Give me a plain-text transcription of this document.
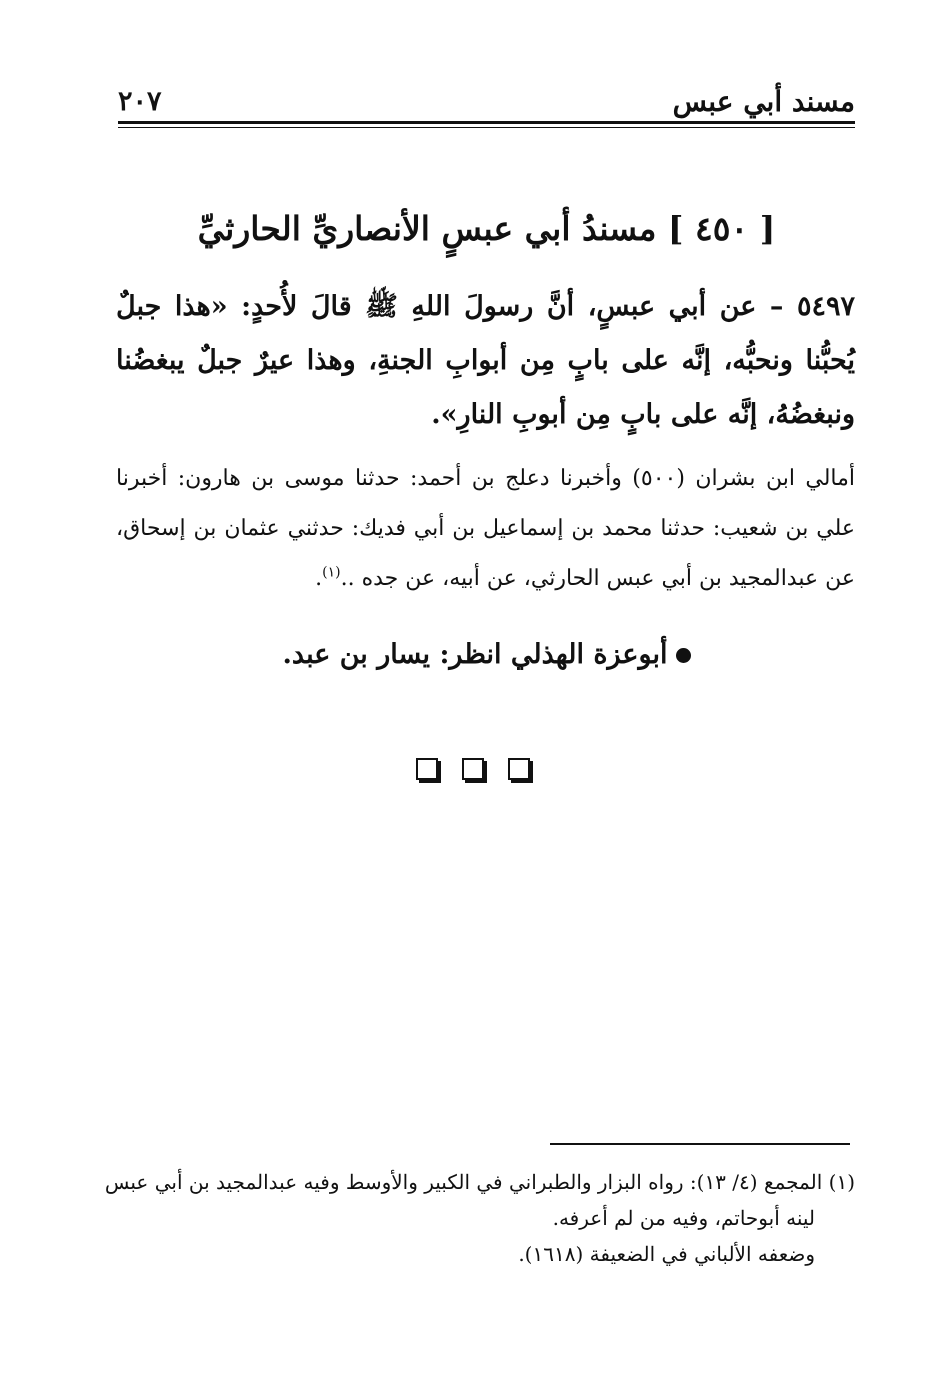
مسند أبي عبس
٢٠٧
[ ٤٥٠ ] مسندُ أبي عبسٍ الأنصاريِّ الحارثيِّ
٥٤٩٧ – عن أبي عبسٍ، أنَّ رسولَ اللهِ ﷺ قالَ لأُحدٍ: «هذا جبلٌ يُحبُّنا ونحبُّه، إنَّه على بابٍ مِن أبوابِ الجنةِ، وهذا عيرٌ جبلٌ يبغضُنا ونبغضُهُ، إنَّه على بابٍ مِن أبوبِ النارِ».
أمالي ابن بشران (٥٠٠) وأخبرنا دعلج بن أحمد: حدثنا موسى بن هارون: أخبرنا علي بن شعيب: حدثنا محمد بن إسماعيل بن أبي فديك: حدثني عثمان بن إسحاق، عن عبدالمجيد بن أبي عبس الحارثي، عن أبيه، عن جده ..$^{(١)}$.
أبوعزة الهذلي انظر: يسار بن عبد.
(١) المجمع (٤/ ١٣): رواه البزار والطبراني في الكبير والأوسط وفيه عبدالمجيد بن أبي عبس
لينه أبوحاتم، وفيه من لم أعرفه.
وضعفه الألباني في الضعيفة (١٦١٨).
